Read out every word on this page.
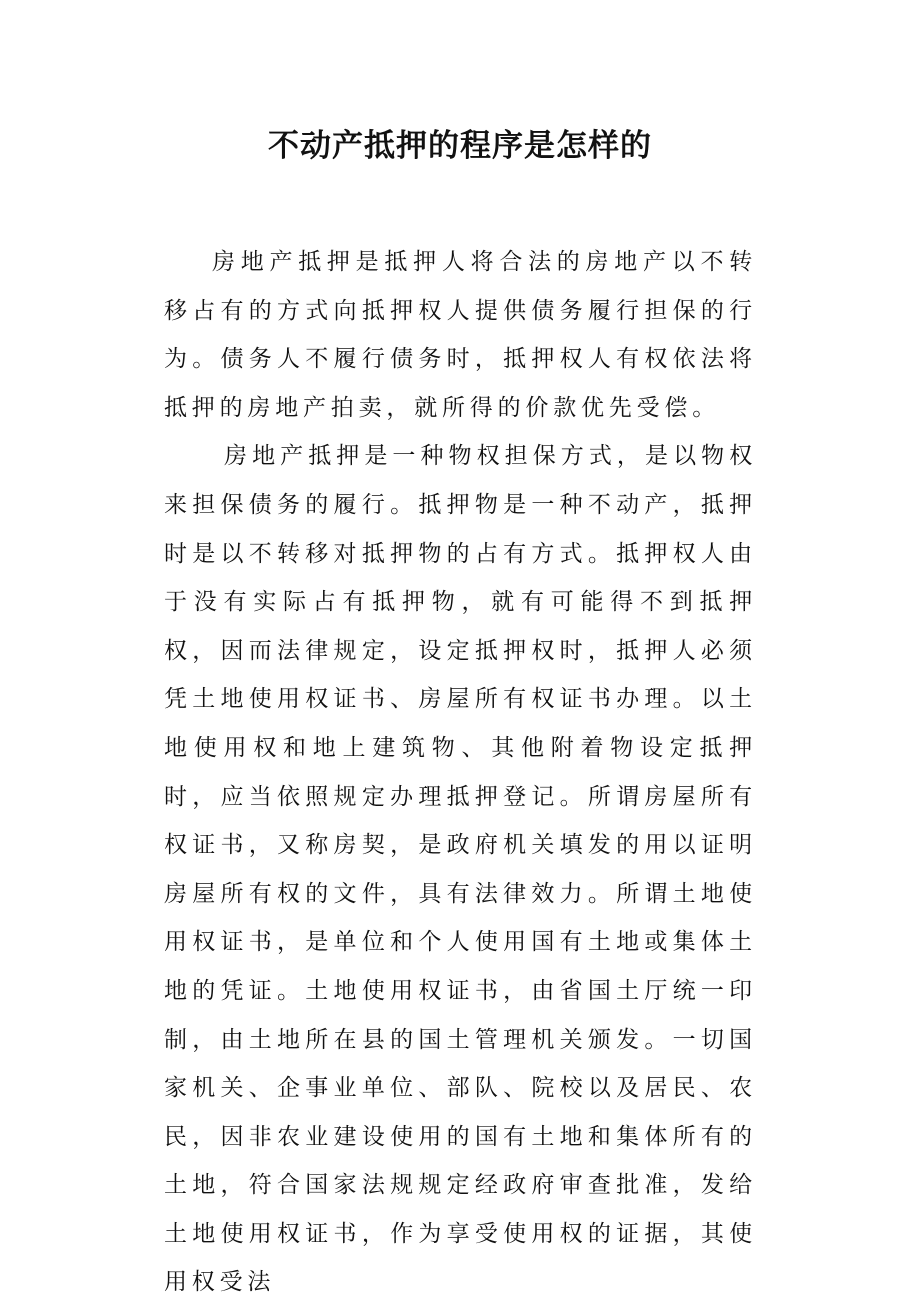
不动产抵押的程序是怎样的

房地产抵押是抵押人将合法的房地产以不转移占有的方式向抵押权人提供债务履行担保的行为。债务人不履行债务时，抵押权人有权依法将抵押的房地产拍卖，就所得的价款优先受偿。

房地产抵押是一种物权担保方式，是以物权来担保债务的履行。抵押物是一种不动产，抵押时是以不转移对抵押物的占有方式。抵押权人由于没有实际占有抵押物，就有可能得不到抵押权，因而法律规定，设定抵押权时，抵押人必须凭土地使用权证书、房屋所有权证书办理。以土地使用权和地上建筑物、其他附着物设定抵押时，应当依照规定办理抵押登记。所谓房屋所有权证书，又称房契，是政府机关填发的用以证明房屋所有权的文件，具有法律效力。所谓土地使用权证书，是单位和个人使用国有土地或集体土地的凭证。土地使用权证书，由省国土厅统一印制，由土地所在县的国土管理机关颁发。一切国家机关、企事业单位、部队、院校以及居民、农民，因非农业建设使用的国有土地和集体所有的土地，符合国家法规规定经政府审查批准，发给土地使用权证书，作为享受使用权的证据，其使用权受法
